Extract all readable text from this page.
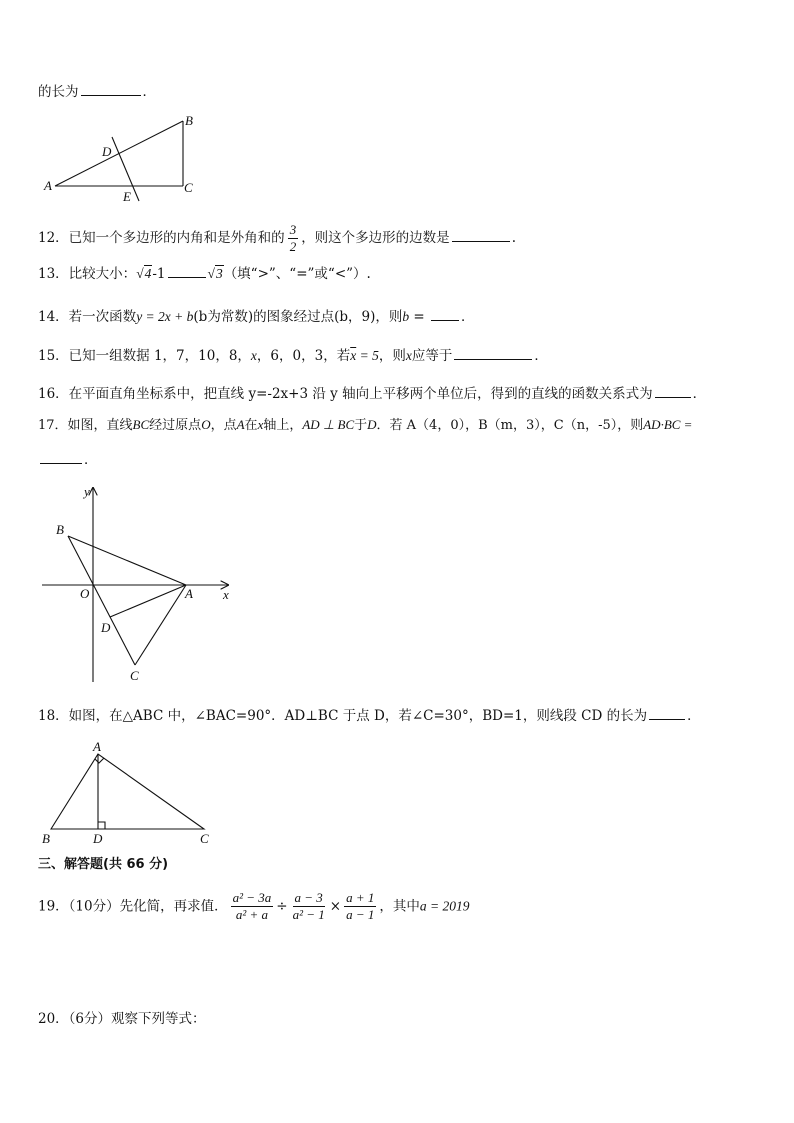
的长为	．
A
B
C
D
E
12．已知一个多边形的内角和是外角和的 $\frac{3}{2}$ ，则这个多边形的边数是	.
13．比较大小：√4-1	√3（填“>”、“=”或“<”）.
14．若一次函数y = 2x + b(b为常数)的图象经过点(b，9)，则b = ．
15．已知一组数据 1，7，10，8，x，6，0，3，若$\overline{x} = 5$，则x应等于	．
16．在平面直角坐标系中，把直线 y=-2x+3 沿 y 轴向上平移两个单位后，得到的直线的函数关系式为	．
17．如图，直线BC经过原点O，点A在x轴上，AD ⊥ BC于D．若 A（4，0），B（m，3），C（n，-5），则AD·BC =
．
y
x
O	A
B
C
D
18．如图，在△ABC 中，∠BAC=90°．AD⊥BC 于点 D，若∠C=30°，BD=1，则线段 CD 的长为	．
A
B	C
D
三、解答题(共 66 分)
19．（10分）先化简，再求值． $\frac{\text{a² − 3a}}{\text{a² + a}} \div \frac{a - 3}{\text{a² − 1}} \times \frac{a + 1}{a - 1}$ ，其中a = 2019
20．（6分）观察下列等式：
